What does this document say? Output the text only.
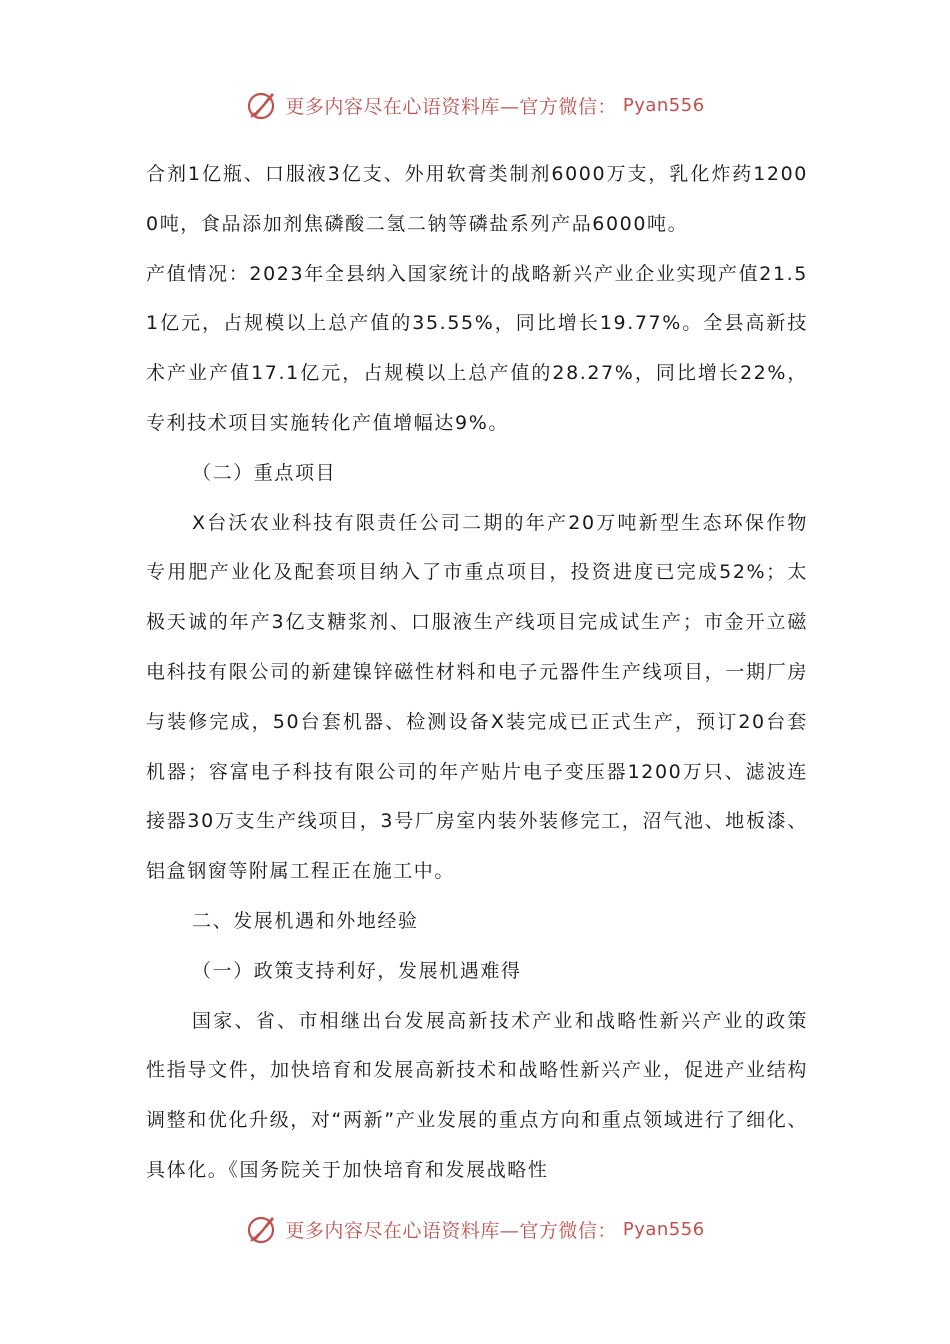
更多内容尽在心语资料库—官方微信： Pyan556

合剂1亿瓶、口服液3亿支、外用软膏类制剂6000万支，乳化炸药12000吨，食品添加剂焦磷酸二氢二钠等磷盐系列产品6000吨。

产值情况：2023年全县纳入国家统计的战略新兴产业企业实现产值21.51亿元，占规模以上总产值的35.55%，同比增长19.77%。全县高新技术产业产值17.1亿元，占规模以上总产值的28.27%，同比增长22%，专利技术项目实施转化产值增幅达9%。

（二）重点项目

X台沃农业科技有限责任公司二期的年产20万吨新型生态环保作物专用肥产业化及配套项目纳入了市重点项目，投资进度已完成52%；太极天诚的年产3亿支糖浆剂、口服液生产线项目完成试生产；市金开立磁电科技有限公司的新建镍锌磁性材料和电子元器件生产线项目，一期厂房与装修完成，50台套机器、检测设备X装完成已正式生产，预订20台套机器；容富电子科技有限公司的年产贴片电子变压器1200万只、滤波连接器30万支生产线项目，3号厂房室内装外装修完工，沼气池、地板漆、铝盒钢窗等附属工程正在施工中。

二、发展机遇和外地经验

（一）政策支持利好，发展机遇难得

国家、省、市相继出台发展高新技术产业和战略性新兴产业的政策性指导文件，加快培育和发展高新技术和战略性新兴产业，促进产业结构调整和优化升级，对“两新”产业发展的重点方向和重点领域进行了细化、具体化。《国务院关于加快培育和发展战略性

更多内容尽在心语资料库—官方微信： Pyan556
